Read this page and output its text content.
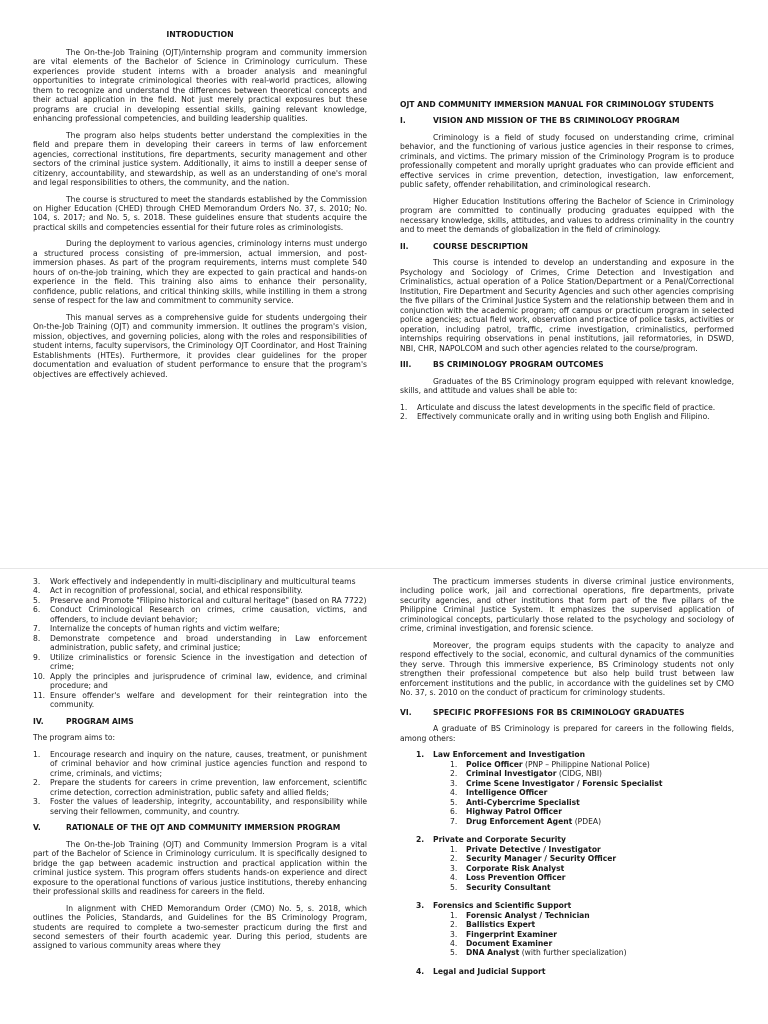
INTRODUCTION

The On-the-Job Training (OJT)/internship program and community immersion are vital elements of the Bachelor of Science in Criminology curriculum. These experiences provide student interns with a broader analysis and meaningful opportunities to integrate criminological theories with real-world practices, allowing them to recognize and understand the differences between theoretical concepts and their actual application in the field. Not just merely practical exposures but these programs are crucial in developing essential skills, gaining relevant knowledge, enhancing professional competencies, and building leadership qualities.

The program also helps students better understand the complexities in the field and prepare them in developing their careers in terms of law enforcement agencies, correctional institutions, fire departments, security management and other sectors of the criminal justice system. Additionally, it aims to instill a deeper sense of citizenry, accountability, and stewardship, as well as an understanding of one's moral and legal responsibilities to others, the community, and the nation.

The course is structured to meet the standards established by the Commission on Higher Education (CHED) through CHED Memorandum Orders No. 37, s. 2010; No. 104, s. 2017; and No. 5, s. 2018. These guidelines ensure that students acquire the practical skills and competencies essential for their future roles as criminologists.

During the deployment to various agencies, criminology interns must undergo a structured process consisting of pre-immersion, actual immersion, and post-immersion phases. As part of the program requirements, interns must complete 540 hours of on-the-job training, which they are expected to gain practical and hands-on experience in the field. This training also aims to enhance their personality, confidence, public relations, and critical thinking skills, while instilling in them a strong sense of respect for the law and commitment to community service.

This manual serves as a comprehensive guide for students undergoing their On-the-Job Training (OJT) and community immersion. It outlines the program's vision, mission, objectives, and governing policies, along with the roles and responsibilities of student interns, faculty supervisors, the Criminology OJT Coordinator, and Host Training Establishments (HTEs). Furthermore, it provides clear guidelines for the proper documentation and evaluation of student performance to ensure that the program's objectives are effectively achieved.

OJT AND COMMUNITY IMMERSION MANUAL FOR CRIMINOLOGY STUDENTS
I.	VISION AND MISSION OF THE BS CRIMINOLOGY PROGRAM

Criminology is a field of study focused on understanding crime, criminal behavior, and the functioning of various justice agencies in their response to crimes, criminals, and victims. The primary mission of the Criminology Program is to produce professionally competent and morally upright graduates who can provide efficient and effective services in crime prevention, detection, investigation, law enforcement, public safety, offender rehabilitation, and criminological research.

Higher Education Institutions offering the Bachelor of Science in Criminology program are committed to continually producing graduates equipped with the necessary knowledge, skills, attitudes, and values to address criminality in the country and to meet the demands of globalization in the field of criminology.

II.	COURSE DESCRIPTION

This course is intended to develop an understanding and exposure in the Psychology and Sociology of Crimes, Crime Detection and Investigation and Criminalistics, actual operation of a Police Station/Department or a Penal/Correctional Institution, Fire Department and Security Agencies and such other agencies comprising the five pillars of the Criminal Justice System and the relationship between them and in conjunction with the academic program; off campus or practicum program in selected police agencies; actual field work, observation and practice of police tasks, activities or operation, including patrol, traffic, crime investigation, criminalistics, performed internships requiring observations in penal institutions, jail reformatories, in DSWD, NBI, CHR, NAPOLCOM and such other agencies related to the course/program.

III.	BS CRIMINOLOGY PROGRAM OUTCOMES

Graduates of the BS Criminology program equipped with relevant knowledge, skills, and attitude and values shall be able to:

1.	Articulate and discuss the latest developments in the specific field of practice.
2.	Effectively communicate orally and in writing using both English and Filipino.
3.	Work effectively and independently in multi-disciplinary and multicultural teams
4.	Act in recognition of professional, social, and ethical responsibility.
5.	Preserve and Promote "Filipino historical and cultural heritage" (based on RA 7722)
6.	Conduct Criminological Research on crimes, crime causation, victims, and offenders, to include deviant behavior;
7.	Internalize the concepts of human rights and victim welfare;
8.	Demonstrate competence and broad understanding in Law enforcement administration, public safety, and criminal justice;
9.	Utilize criminalistics or forensic Science in the investigation and detection of crime;
10. Apply the principles and jurisprudence of criminal law, evidence, and criminal procedure; and
11. Ensure offender's welfare and development for their reintegration into the community.
IV.	PROGRAM AIMS

The program aims to:

1.	Encourage research and inquiry on the nature, causes, treatment, or punishment of criminal behavior and how criminal justice agencies function and respond to crime, criminals, and victims;
2.	Prepare the students for careers in crime prevention, law enforcement, scientific crime detection, correction administration, public safety and allied fields;
3.	Foster the values of leadership, integrity, accountability, and responsibility while serving their fellowmen, community, and country.
V.	RATIONALE OF THE OJT AND COMMUNITY IMMERSION PROGRAM

The On-the-Job Training (OJT) and Community Immersion Program is a vital part of the Bachelor of Science in Criminology curriculum. It is specifically designed to bridge the gap between academic instruction and practical application within the criminal justice system. This program offers students hands-on experience and direct exposure to the operational functions of various justice institutions, thereby enhancing their professional skills and readiness for careers in the field.

In alignment with CHED Memorandum Order (CMO) No. 5, s. 2018, which outlines the Policies, Standards, and Guidelines for the BS Criminology Program, students are required to complete a two-semester practicum during the first and second semesters of their fourth academic year. During this period, students are assigned to various community areas where they

The practicum immerses students in diverse criminal justice environments, including police work, jail and correctional operations, fire departments, private security agencies, and other institutions that form part of the five pillars of the Philippine Criminal Justice System. It emphasizes the supervised application of criminological concepts, particularly those related to the psychology and sociology of crime, criminal investigation, and forensic science.

Moreover, the program equips students with the capacity to analyze and respond effectively to the social, economic, and cultural dynamics of the communities they serve. Through this immersive experience, BS Criminology students not only strengthen their professional competence but also help build trust between law enforcement institutions and the public, in accordance with the guidelines set by CMO No. 37, s. 2010 on the conduct of practicum for criminology students.

VI.	SPECIFIC PROFFESIONS FOR BS CRIMINOLOGY GRADUATES

A graduate of BS Criminology is prepared for careers in the following fields, among others:

1.	Law Enforcement and Investigation
1.	Police Officer (PNP – Philippine National Police)
2.	Criminal Investigator (CIDG, NBI)
3.	Crime Scene Investigator / Forensic Specialist
4.	Intelligence Officer
5.	Anti-Cybercrime Specialist
6.	Highway Patrol Officer
7.	Drug Enforcement Agent (PDEA)
2.	Private and Corporate Security
1.	Private Detective / Investigator
2.	Security Manager / Security Officer
3.	Corporate Risk Analyst
4.	Loss Prevention Officer
5.	Security Consultant
3.	Forensics and Scientific Support
1.	Forensic Analyst / Technician
2.	Ballistics Expert
3.	Fingerprint Examiner
4.	Document Examiner
5.	DNA Analyst (with further specialization)
4.	Legal and Judicial Support
